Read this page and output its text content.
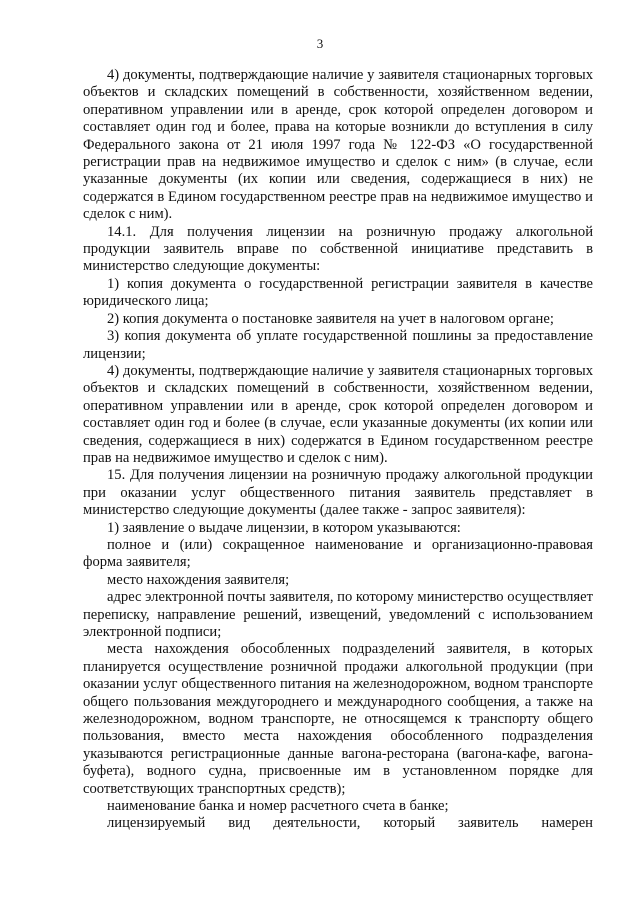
3

4) документы, подтверждающие наличие у заявителя стационарных торговых объектов и складских помещений в собственности, хозяйственном ведении, оперативном управлении или в аренде, срок которой определен договором и составляет один год и более, права на которые возникли до вступления в силу Федерального закона от 21 июля 1997 года № 122-ФЗ «О государственной регистрации прав на недвижимое имущество и сделок с ним» (в случае, если указанные документы (их копии или сведения, содержащиеся в них) не содержатся в Едином государственном реестре прав на недвижимое имущество и сделок с ним).

14.1. Для получения лицензии на розничную продажу алкогольной продукции заявитель вправе по собственной инициативе представить в министерство следующие документы:

1) копия документа о государственной регистрации заявителя в качестве юридического лица;

2) копия документа о постановке заявителя на учет в налоговом органе;

3) копия документа об уплате государственной пошлины за предоставление лицензии;

4) документы, подтверждающие наличие у заявителя стационарных торговых объектов и складских помещений в собственности, хозяйственном ведении, оперативном управлении или в аренде, срок которой определен договором и составляет один год и более (в случае, если указанные документы (их копии или сведения, содержащиеся в них) содержатся в Едином государственном реестре прав на недвижимое имущество и сделок с ним).

15. Для получения лицензии на розничную продажу алкогольной продукции при оказании услуг общественного питания заявитель представляет в министерство следующие документы (далее также - запрос заявителя):

1) заявление о выдаче лицензии, в котором указываются:

полное и (или) сокращенное наименование и организационно-правовая форма заявителя;

место нахождения заявителя;

адрес электронной почты заявителя, по которому министерство осуществляет переписку, направление решений, извещений, уведомлений с использованием электронной подписи;

места нахождения обособленных подразделений заявителя, в которых планируется осуществление розничной продажи алкогольной продукции (при оказании услуг общественного питания на железнодорожном, водном транспорте общего пользования междугороднего и международного сообщения, а также на железнодорожном, водном транспорте, не относящемся к транспорту общего пользования, вместо места нахождения обособленного подразделения указываются регистрационные данные вагона-ресторана (вагона-кафе, вагона-буфета), водного судна, присвоенные им в установленном порядке для соответствующих транспортных средств);

наименование банка и номер расчетного счета в банке;

лицензируемый вид деятельности, который заявитель намерен
